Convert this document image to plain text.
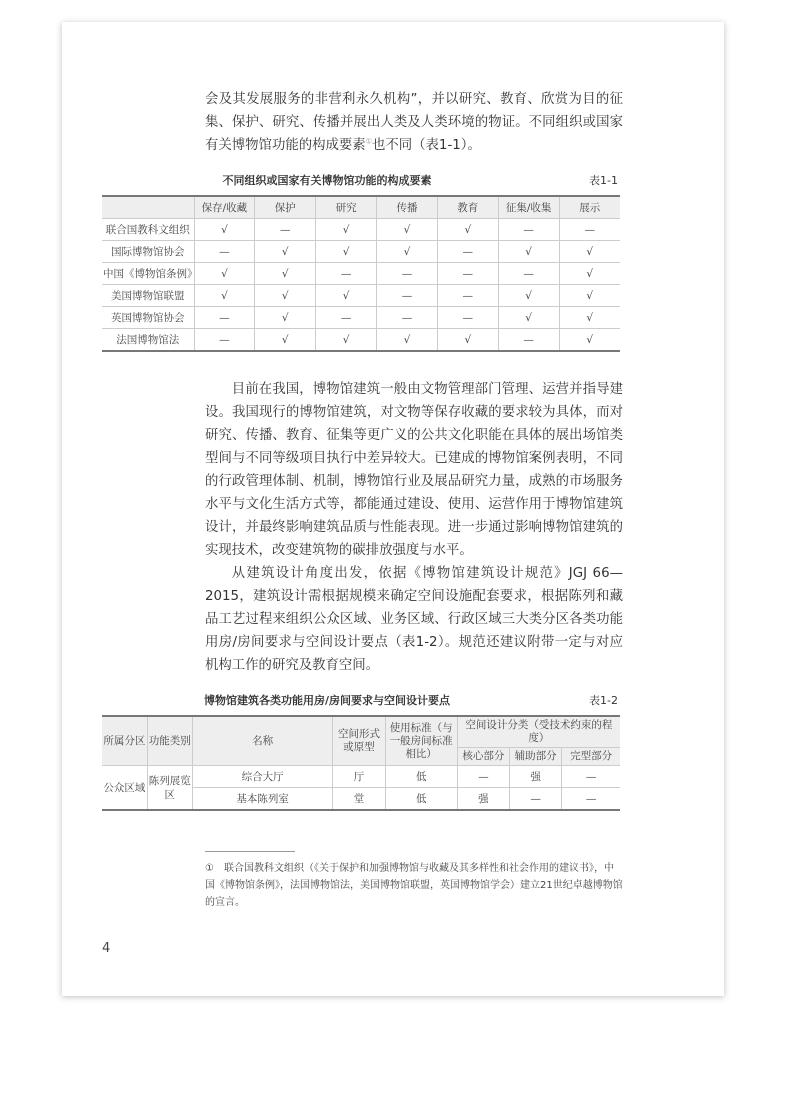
会及其发展服务的非营利永久机构”，并以研究、教育、欣赏为目的征集、保护、研究、传播并展出人类及人类环境的物证。不同组织或国家有关博物馆功能的构成要素①也不同（表1-1）。

不同组织或国家有关博物馆功能的构成要素	表1-1
	保存/收藏	保护	研究	传播	教育	征集/收集	展示
联合国教科文组织	√	—	√	√	√	—	—
国际博物馆协会	—	√	√	√	—	√	√
中国《博物馆条例》	√	√	—	—	—	—	√
美国博物馆联盟	√	√	√	—	—	√	√
英国博物馆协会	—	√	—	—	—	√	√
法国博物馆法	—	√	√	√	√	—	√

目前在我国，博物馆建筑一般由文物管理部门管理、运营并指导建设。我国现行的博物馆建筑，对文物等保存收藏的要求较为具体，而对研究、传播、教育、征集等更广义的公共文化职能在具体的展出场馆类型间与不同等级项目执行中差异较大。已建成的博物馆案例表明，不同的行政管理体制、机制，博物馆行业及展品研究力量，成熟的市场服务水平与文化生活方式等，都能通过建设、使用、运营作用于博物馆建筑设计，并最终影响建筑品质与性能表现。进一步通过影响博物馆建筑的实现技术，改变建筑物的碳排放强度与水平。

从建筑设计角度出发，依据《博物馆建筑设计规范》JGJ 66—2015，建筑设计需根据规模来确定空间设施配套要求，根据陈列和藏品工艺过程来组织公众区域、业务区域、行政区域三大类分区各类功能用房/房间要求与空间设计要点（表1-2）。规范还建议附带一定与对应机构工作的研究及教育空间。

博物馆建筑各类功能用房/房间要求与空间设计要点	表1-2
所属分区	功能类别	名称	空间形式或原型	使用标准（与一般房间标准相比）	空间设计分类（受技术约束的程度）		
					核心部分	辅助部分	完型部分
公众区域	陈列展览区	综合大厅	厅	低	—	强	—
		基本陈列室	堂	低	强	—	—

①　联合国教科文组织（《关于保护和加强博物馆与收藏及其多样性和社会作用的建议书》，中国《博物馆条例》，法国博物馆法，美国博物馆联盟，英国博物馆学会）建立21世纪卓越博物馆的宣言。

4
